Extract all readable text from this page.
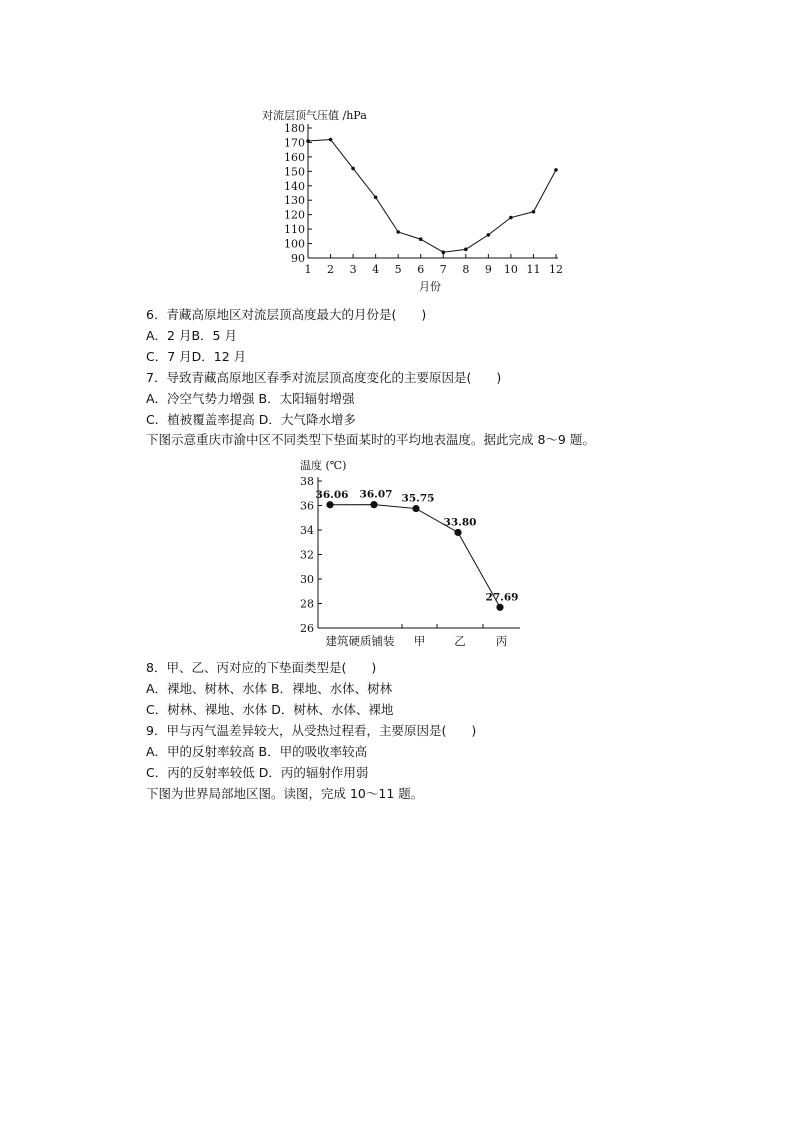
对流层顶气压值 /hPa
月份
90
100
110
120
130
140
150
160
170
180
1 2 3 4 5 6 7 8 9 10 11 12
6．青藏高原地区对流层顶高度最大的月份是(　　)
A．2 月B．5 月
C．7 月D．12 月
7．导致青藏高原地区春季对流层顶高度变化的主要原因是(　　)
A．冷空气势力增强 B．太阳辐射增强
C．植被覆盖率提高 D．大气降水增多
下图示意重庆市渝中区不同类型下垫面某时的平均地表温度。据此完成 8～9 题。
温度 (℃)
26
28
30
32
34
36
38
建筑硬质铺装 甲	乙	丙
36.06 36.07 35.75
33.80
27.69
8．甲、乙、丙对应的下垫面类型是(　　)
A．裸地、树林、水体 B．裸地、水体、树林
C．树林、裸地、水体 D．树林、水体、裸地
9．甲与丙气温差异较大，从受热过程看，主要原因是(　　)
A．甲的反射率较高 B．甲的吸收率较高
C．丙的反射率较低 D．丙的辐射作用弱
下图为世界局部地区图。读图，完成 10～11 题。
